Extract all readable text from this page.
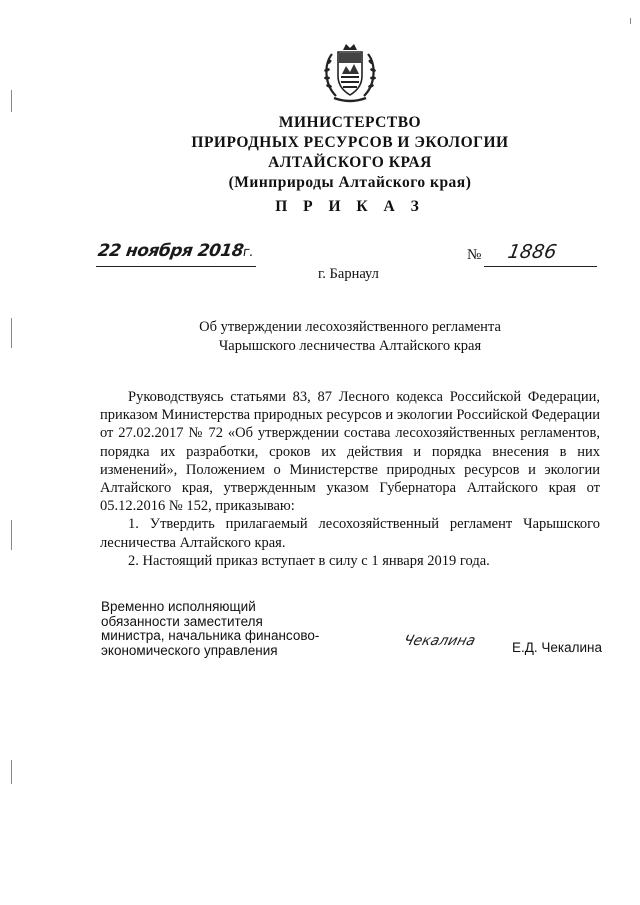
МИНИСТЕРСТВО
ПРИРОДНЫХ РЕСУРСОВ И ЭКОЛОГИИ
АЛТАЙСКОГО КРАЯ
(Минприроды Алтайского края)
П Р И К А З
22 ноября 2018г.	№ 1886
г. Барнаул
Об утверждении лесохозяйственного регламента
Чарышского лесничества Алтайского края

Руководствуясь статьями 83, 87 Лесного кодекса Российской Федерации, приказом Министерства природных ресурсов и экологии Российской Федерации от 27.02.2017 № 72 «Об утверждении состава лесохозяйственных регламентов, порядка их разработки, сроков их действия и порядка внесения в них изменений», Положением о Министерстве природных ресурсов и экологии Алтайского края, утвержденным указом Губернатора Алтайского края от 05.12.2016 № 152, приказываю:

1. Утвердить прилагаемый лесохозяйственный регламент Чарышского лесничества Алтайского края.

2. Настоящий приказ вступает в силу с 1 января 2019 года.

Временно исполняющий
обязанности заместителя
министра, начальника финансово-
экономического управления
Чекалина	Е.Д. Чекалина
